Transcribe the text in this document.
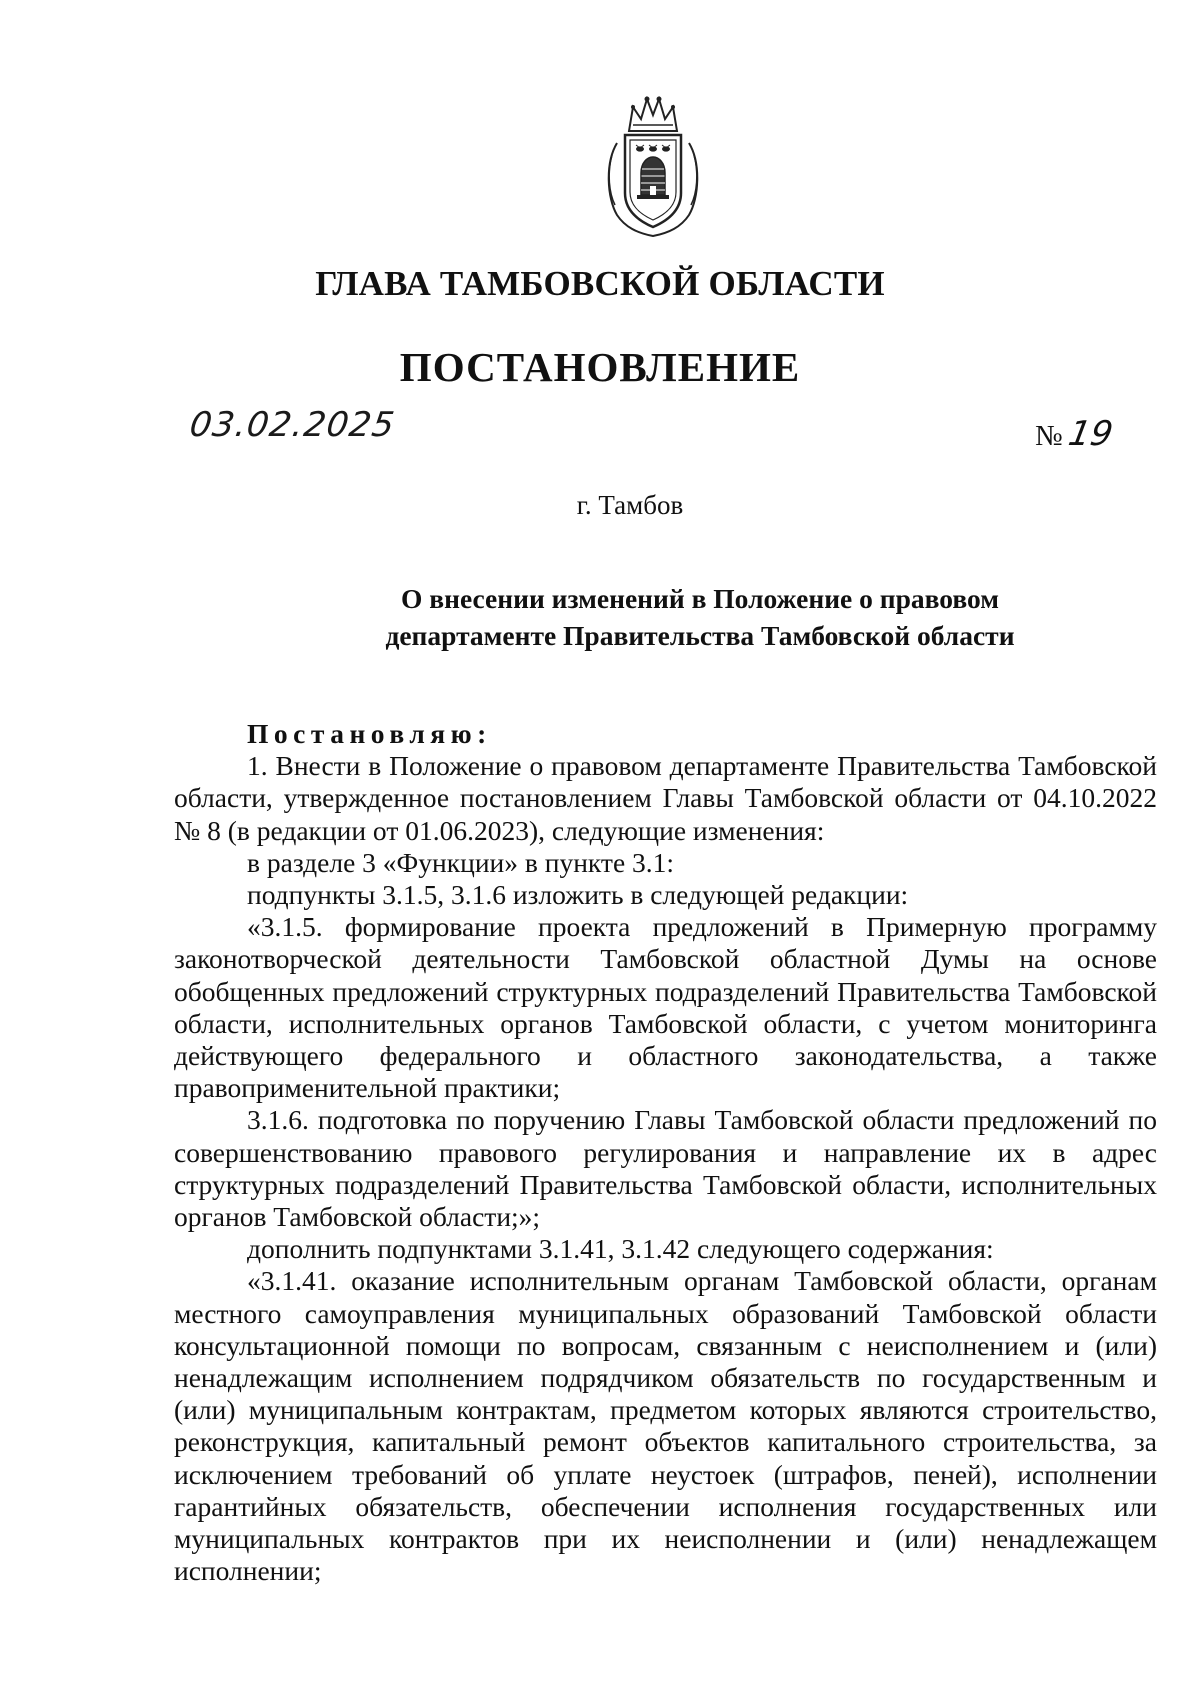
ГЛАВА ТАМБОВСКОЙ ОБЛАСТИ
ПОСТАНОВЛЕНИЕ
03.02.2025	№19
г. Тамбов
О внесении изменений в Положение о правовом
департаменте Правительства Тамбовской области

Постановляю:

1. Внести в Положение о правовом департаменте Правительства Тамбовской области, утвержденное постановлением Главы Тамбовской области от 04.10.2022 № 8 (в редакции от 01.06.2023), следующие изменения:

в разделе 3 «Функции» в пункте 3.1:

подпункты 3.1.5, 3.1.6 изложить в следующей редакции:

«3.1.5. формирование проекта предложений в Примерную программу законотворческой деятельности Тамбовской областной Думы на основе обобщенных предложений структурных подразделений Правительства Тамбовской области, исполнительных органов Тамбовской области, с учетом мониторинга действующего федерального и областного законодательства, а также правоприменительной практики;

3.1.6. подготовка по поручению Главы Тамбовской области предложений по совершенствованию правового регулирования и направление их в адрес структурных подразделений Правительства Тамбовской области, исполнительных органов Тамбовской области;»;

дополнить подпунктами 3.1.41, 3.1.42 следующего содержания:

«3.1.41. оказание исполнительным органам Тамбовской области, органам местного самоуправления муниципальных образований Тамбовской области консультационной помощи по вопросам, связанным с неисполнением и (или) ненадлежащим исполнением подрядчиком обязательств по государственным и (или) муниципальным контрактам, предметом которых являются строительство, реконструкция, капитальный ремонт объектов капитального строительства, за исключением требований об уплате неустоек (штрафов, пеней), исполнении гарантийных обязательств, обеспечении исполнения государственных или муниципальных контрактов при их неисполнении и (или) ненадлежащем исполнении;
